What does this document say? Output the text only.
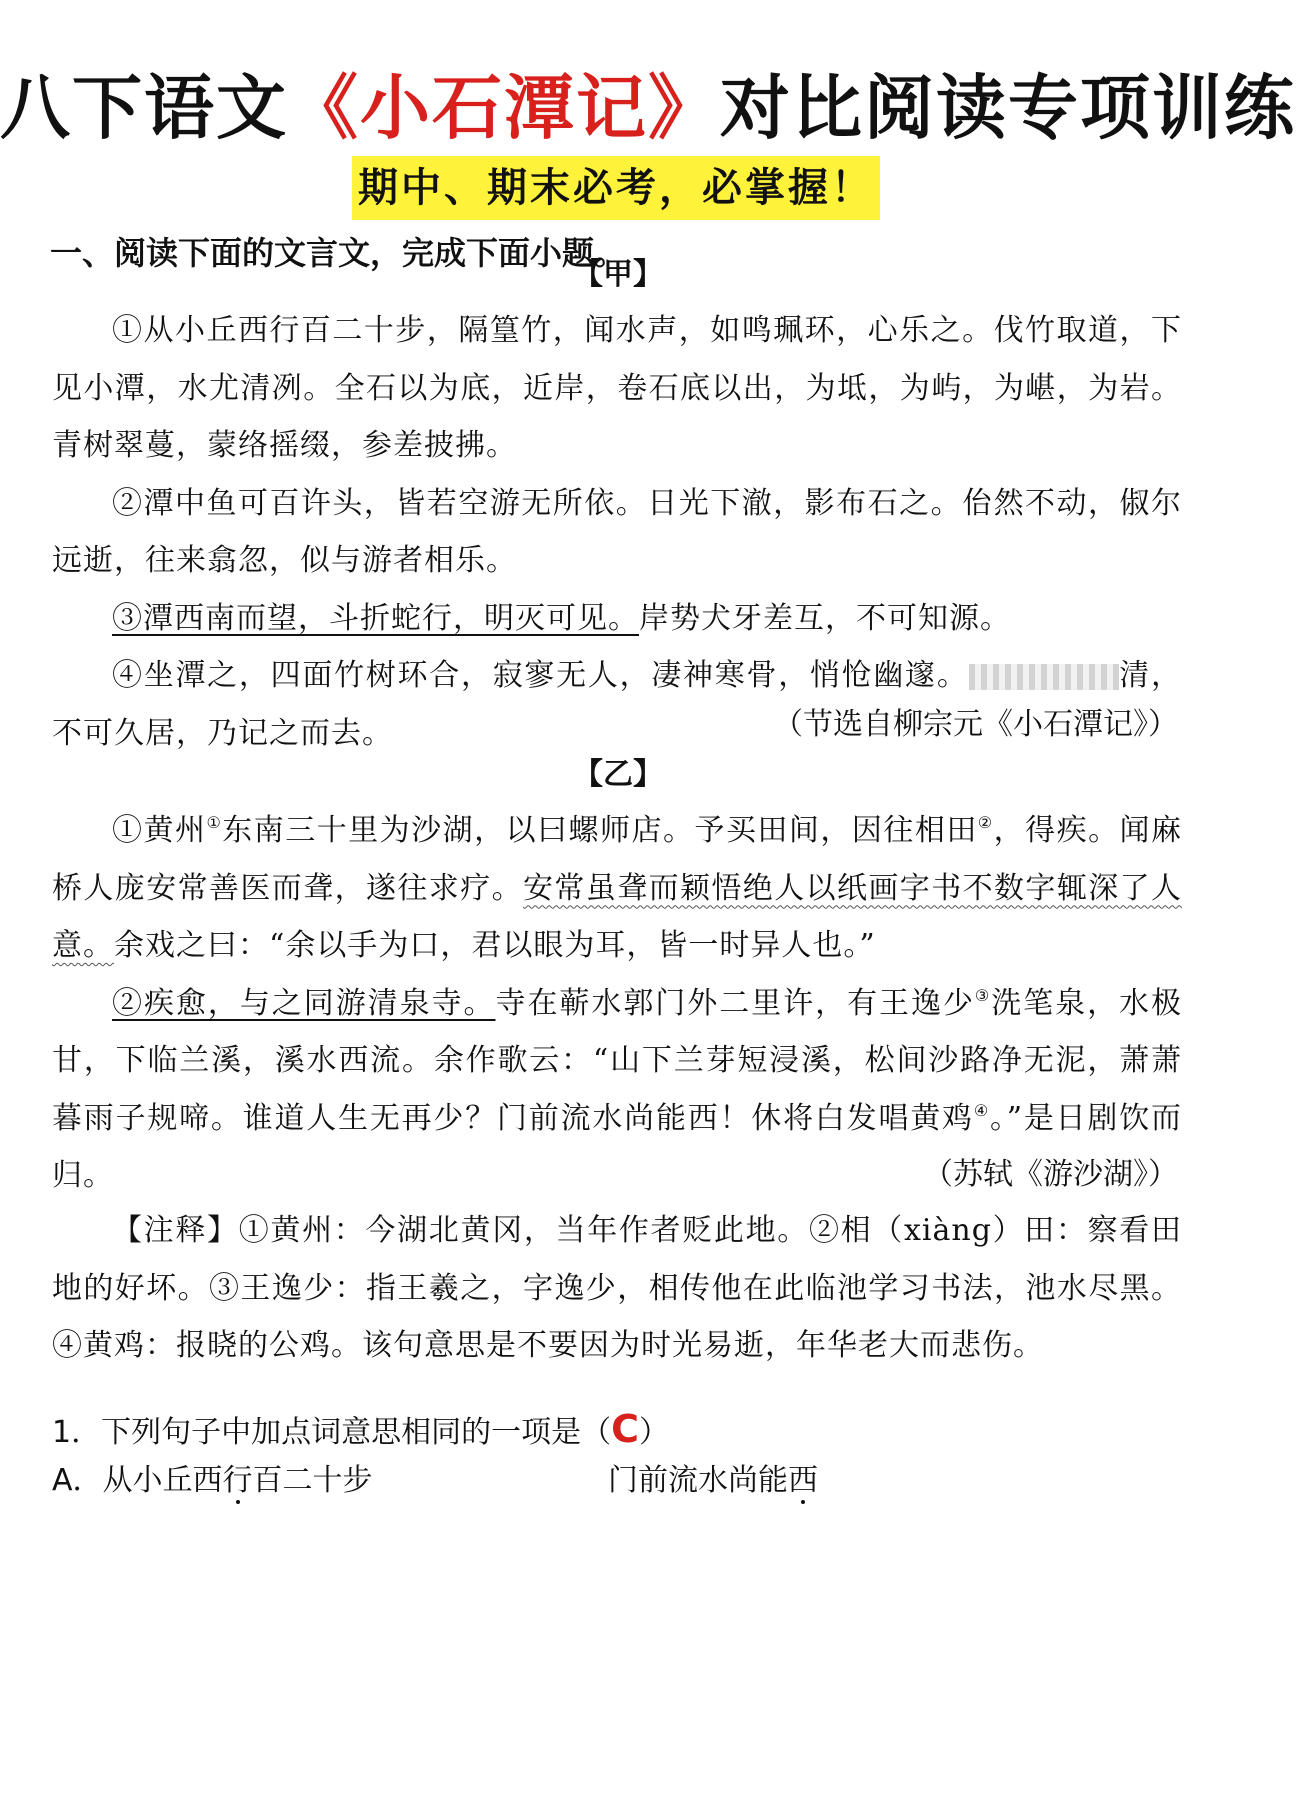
八下语文《小石潭记》对比阅读专项训练
期中、期末必考，必掌握！
一、阅读下面的文言文，完成下面小题。
【甲】

①从小丘西行百二十步，隔篁竹，闻水声，如鸣珮环，心乐之。伐竹取道，下见小潭，水尤清冽。全石以为底，近岸，卷石底以出，为坻，为屿，为嵁，为岩。青树翠蔓，蒙络摇缀，参差披拂。

②潭中鱼可百许头，皆若空游无所依。日光下澈，影布石之。佁然不动，俶尔远逝，往来翕忽，似与游者相乐。

③潭西南而望，斗折蛇行，明灭可见。岸势犬牙差互，不可知源。

④坐潭之，四面竹树环合，寂寥无人，凄神寒骨，悄怆幽邃。	清，不可久居，乃记之而去。	（节选自柳宗元《小石潭记》）
【乙】

①黄州①东南三十里为沙湖，以曰螺师店。予买田间，因往相田②，得疾。闻麻桥人庞安常善医而聋，遂往求疗。安常虽聋而颖悟绝人以纸画字书不数字辄深了人意。余戏之曰：“余以手为口，君以眼为耳，皆一时异人也。”

②疾愈，与之同游清泉寺。寺在蕲水郭门外二里许，有王逸少③洗笔泉，水极甘，下临兰溪，溪水西流。余作歌云：“山下兰芽短浸溪，松间沙路净无泥，萧萧暮雨子规啼。谁道人生无再少？门前流水尚能西！休将白发唱黄鸡④。”是日剧饮而归。	（苏轼《游沙湖》）

【注释】①黄州：今湖北黄冈，当年作者贬此地。②相（xiàng）田：察看田地的好坏。③王逸少：指王羲之，字逸少，相传他在此临池学习书法，池水尽黑。④黄鸡：报晓的公鸡。该句意思是不要因为时光易逝，年华老大而悲伤。

1．下列句子中加点词意思相同的一项是（C）
A．从小丘西行百二十步	门前流水尚能西
